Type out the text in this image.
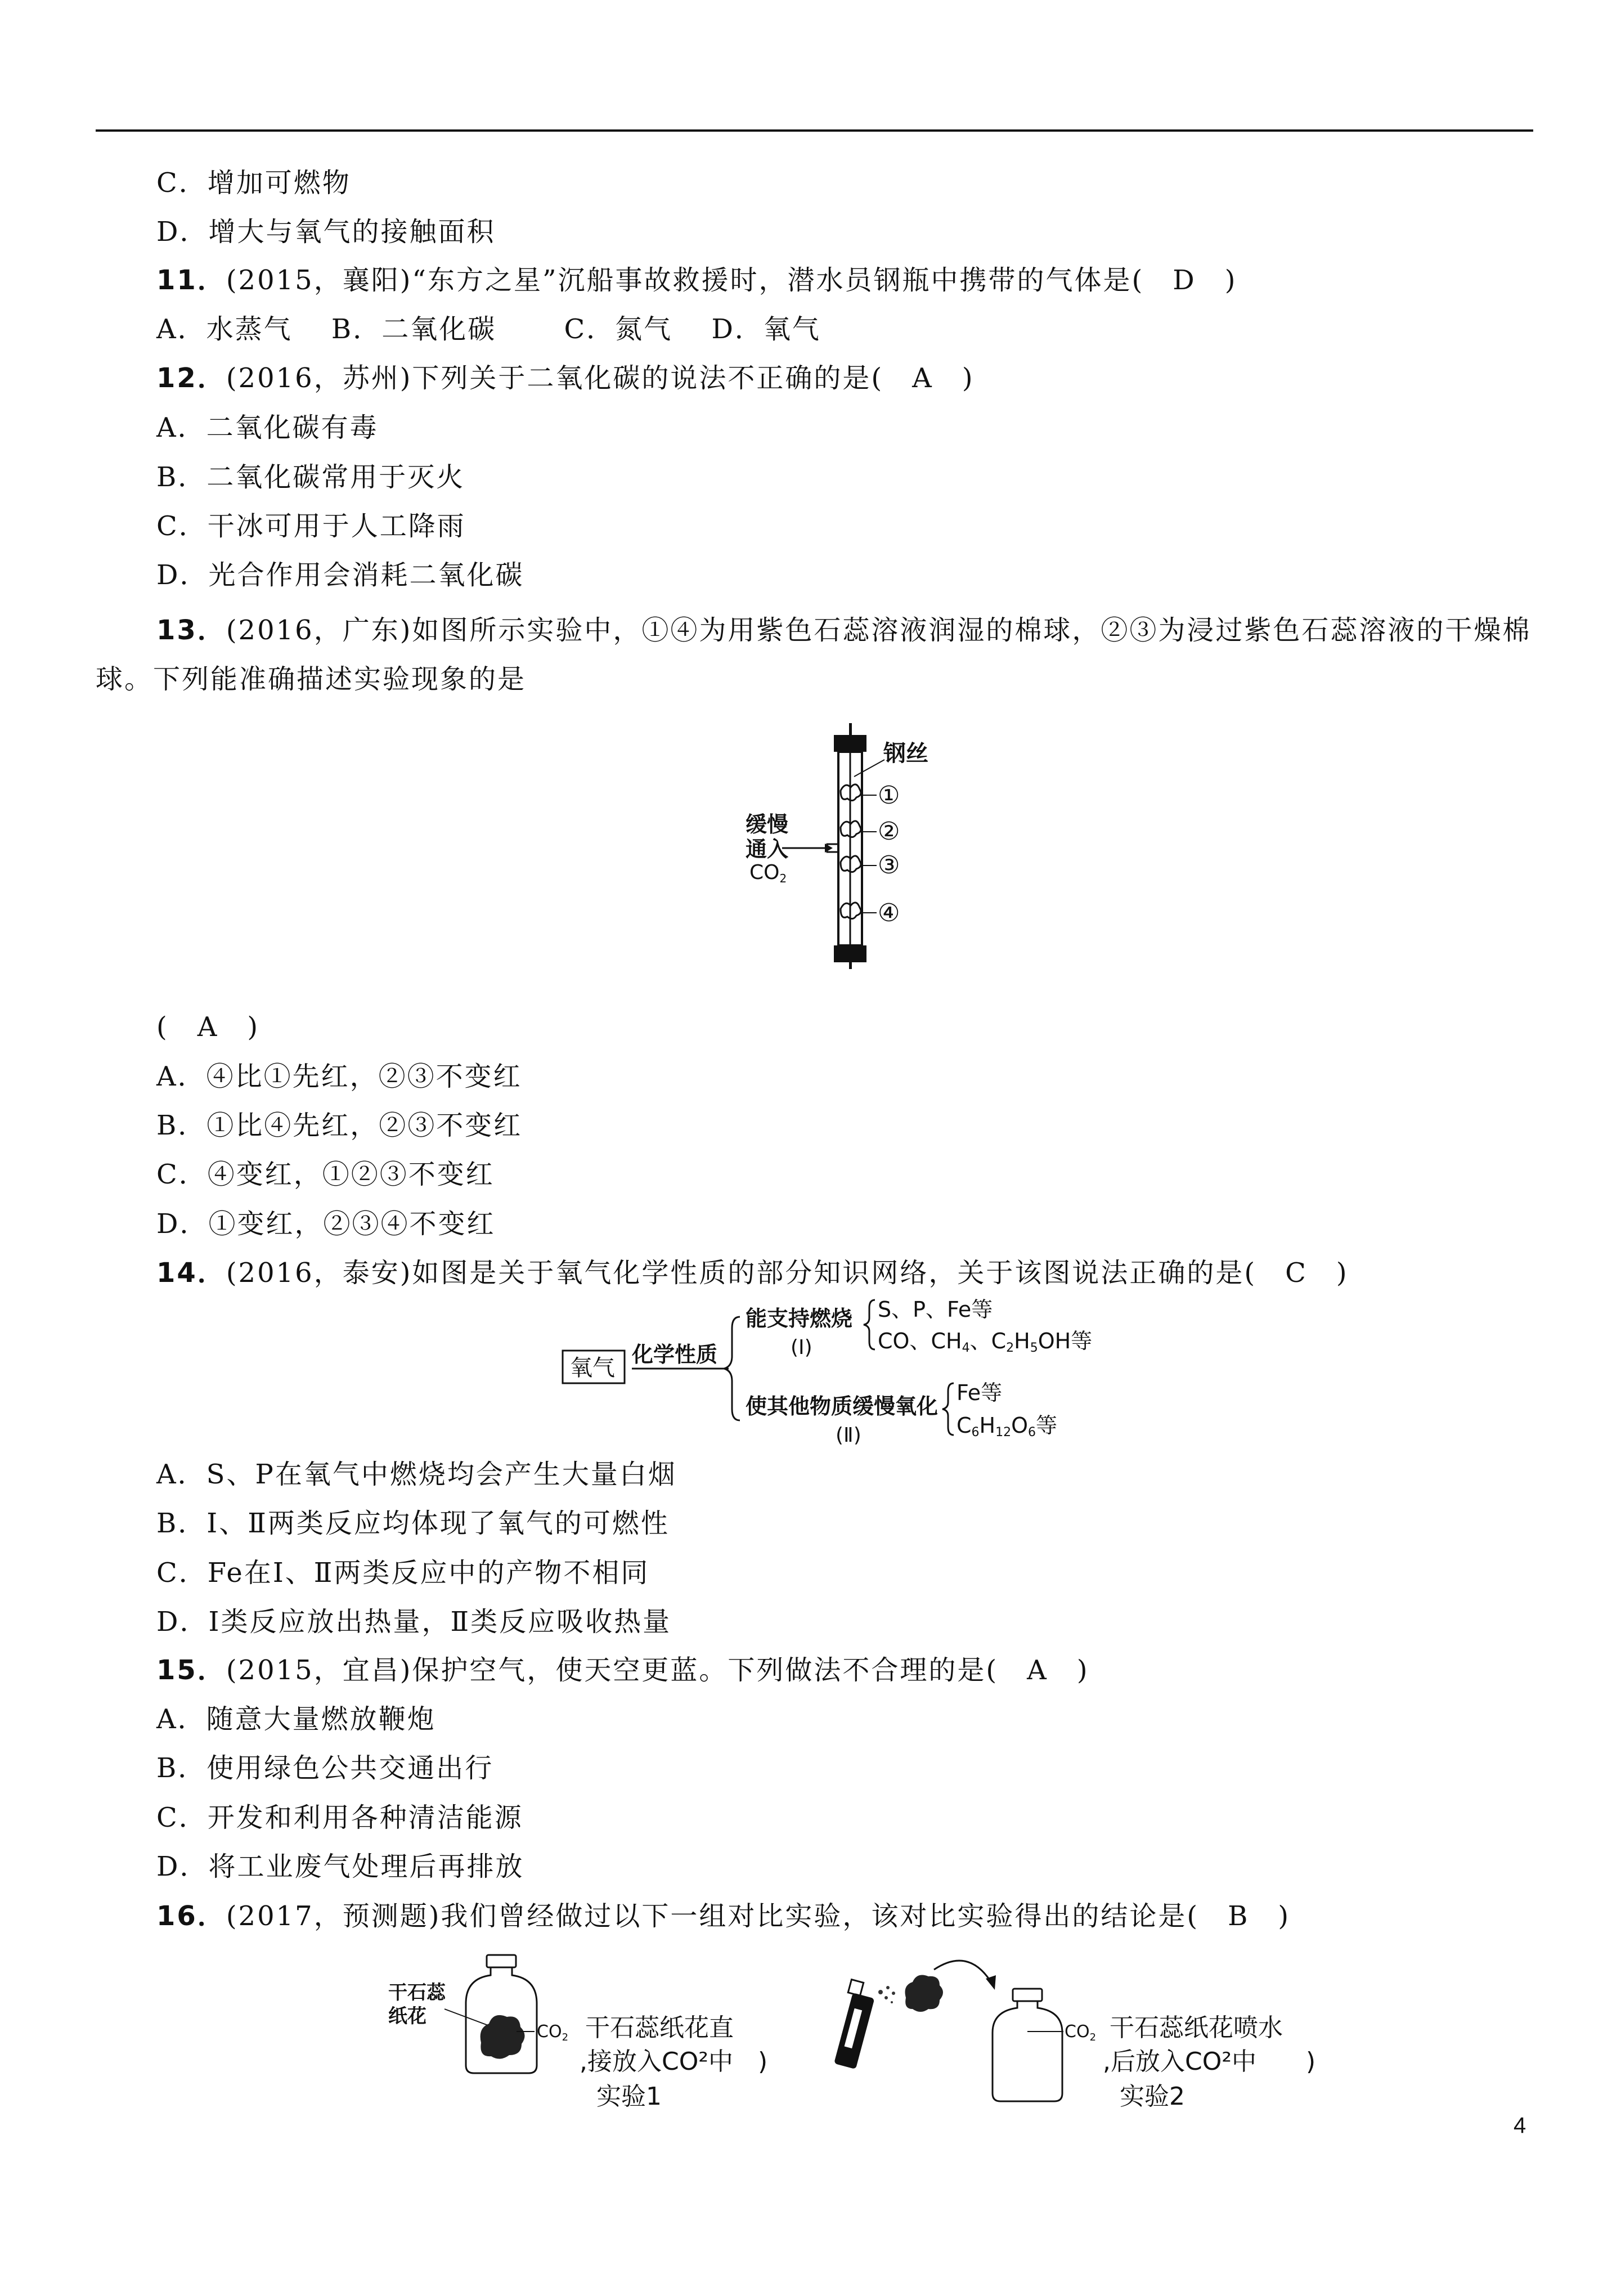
C．增加可燃物
D．增大与氧气的接触面积
11．(2015，襄阳)“东方之星”沉船事故救援时，潜水员钢瓶中携带的气体是(　D　)
A．水蒸气　 B．二氧化碳　　 C．氮气　 D．氧气
12．(2016，苏州)下列关于二氧化碳的说法不正确的是(　A　)
A．二氧化碳有毒
B．二氧化碳常用于灭火
C．干冰可用于人工降雨
D．光合作用会消耗二氧化碳
13．(2016，广东)如图所示实验中，①④为用紫色石蕊溶液润湿的棉球，②③为浸过紫色石蕊溶液的干燥棉
球。下列能准确描述实验现象的是
钢丝
①
②
③
④
缓慢
通入
CO2
(　A　)
A．④比①先红，②③不变红
B．①比④先红，②③不变红
C．④变红，①②③不变红
D．①变红，②③④不变红
14．(2016，泰安)如图是关于氧气化学性质的部分知识网络，关于该图说法正确的是(　C　)
氧气
化学性质
能支持燃烧
(Ⅰ)
S、P、Fe等
CO、CH4、C2H5OH等
使其他物质缓慢氧化
(Ⅱ)
Fe等
C6H12O6等
A．S、P在氧气中燃烧均会产生大量白烟
B．Ⅰ、Ⅱ两类反应均体现了氧气的可燃性
C．Fe在Ⅰ、Ⅱ两类反应中的产物不相同
D．Ⅰ类反应放出热量，Ⅱ类反应吸收热量
15．(2015，宜昌)保护空气，使天空更蓝。下列做法不合理的是(　A　)
A．随意大量燃放鞭炮
B．使用绿色公共交通出行
C．开发和利用各种清洁能源
D．将工业废气处理后再排放
16．(2017，预测题)我们曾经做过以下一组对比实验，该对比实验得出的结论是(　B　)
干石蕊
纸花
$CO_2$ 干石蕊纸花直
,接放入CO²中　)
实验1
$CO_2$ 干石蕊纸花喷水
,后放入CO²中　　)
实验2
4
